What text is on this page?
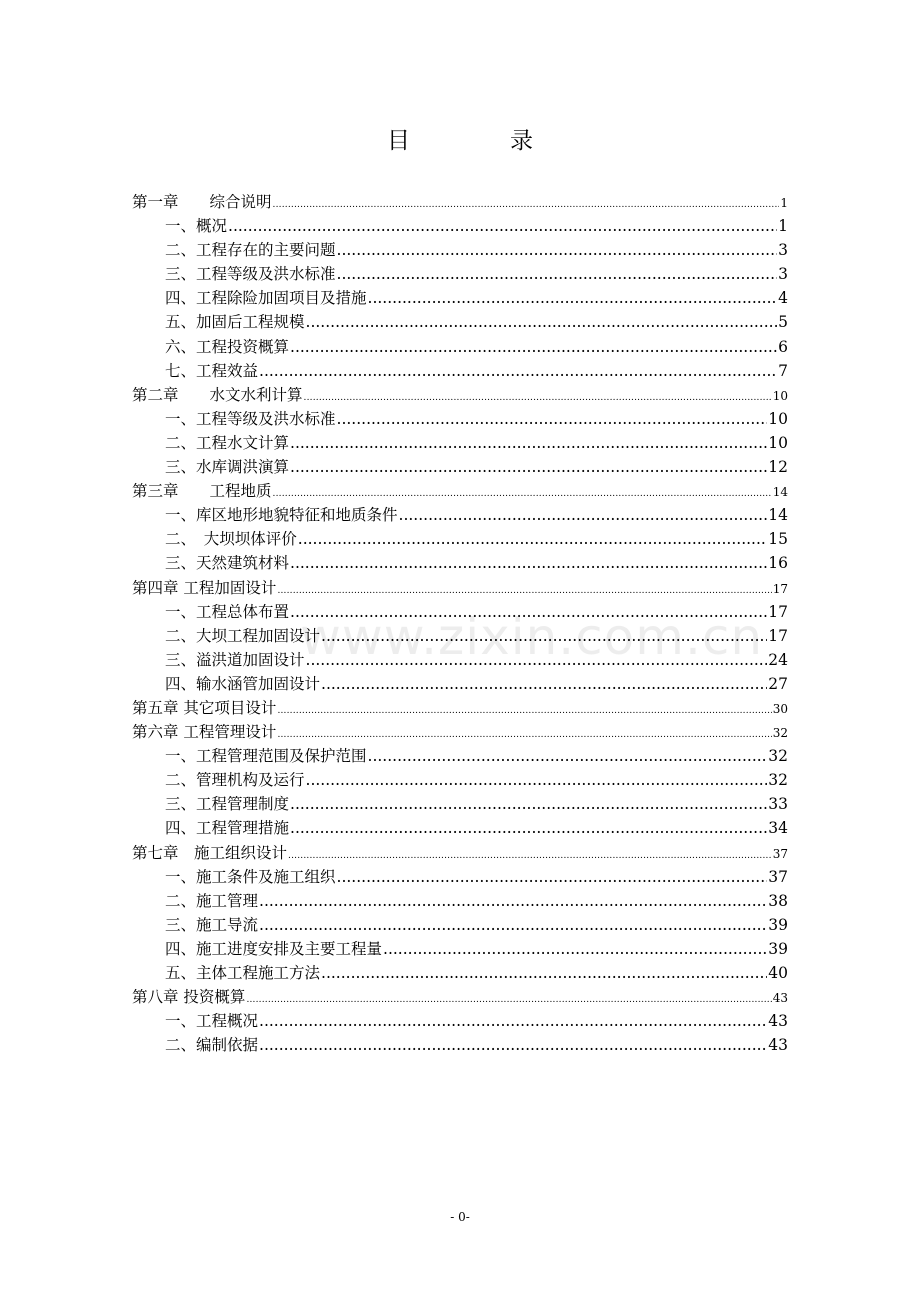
目	录
www.zixin.com.cn
第一章　　综合说明 .....	1
一、概况 .....	1
二、工程存在的主要问题 .....	3
三、工程等级及洪水标准 .....	3
四、工程除险加固项目及措施 .....	4
五、加固后工程规模 .....	5
六、工程投资概算 .....	6
七、工程效益 .....	7
第二章　　水文水利计算 .....	10
一、工程等级及洪水标准 .....	10
二、工程水文计算 .....	10
三、水库调洪演算 .....	12
第三章　　工程地质 .....	14
一、库区地形地貌特征和地质条件 .....	14
二、　大坝坝体评价 .....	15
三、天然建筑材料 .....	16
第四章 工程加固设计 .....	17
一、工程总体布置 .....	17
二、大坝工程加固设计 .....	17
三、溢洪道加固设计 .....	24
四、输水涵管加固设计 .....	27
第五章 其它项目设计 .....	30
第六章 工程管理设计 .....	32
一、工程管理范围及保护范围 .....	32
二、管理机构及运行 .....	32
三、工程管理制度 .....	33
四、工程管理措施 .....	34
第七章　施工组织设计 .....	37
一、施工条件及施工组织 .....	37
二、施工管理 .....	38
三、施工导流 .....	39
四、施工进度安排及主要工程量 .....	39
五、主体工程施工方法 .....	40
第八章 投资概算 .....	43
一、工程概况 .....	43
二、编制依据 .....	43
- 0-
